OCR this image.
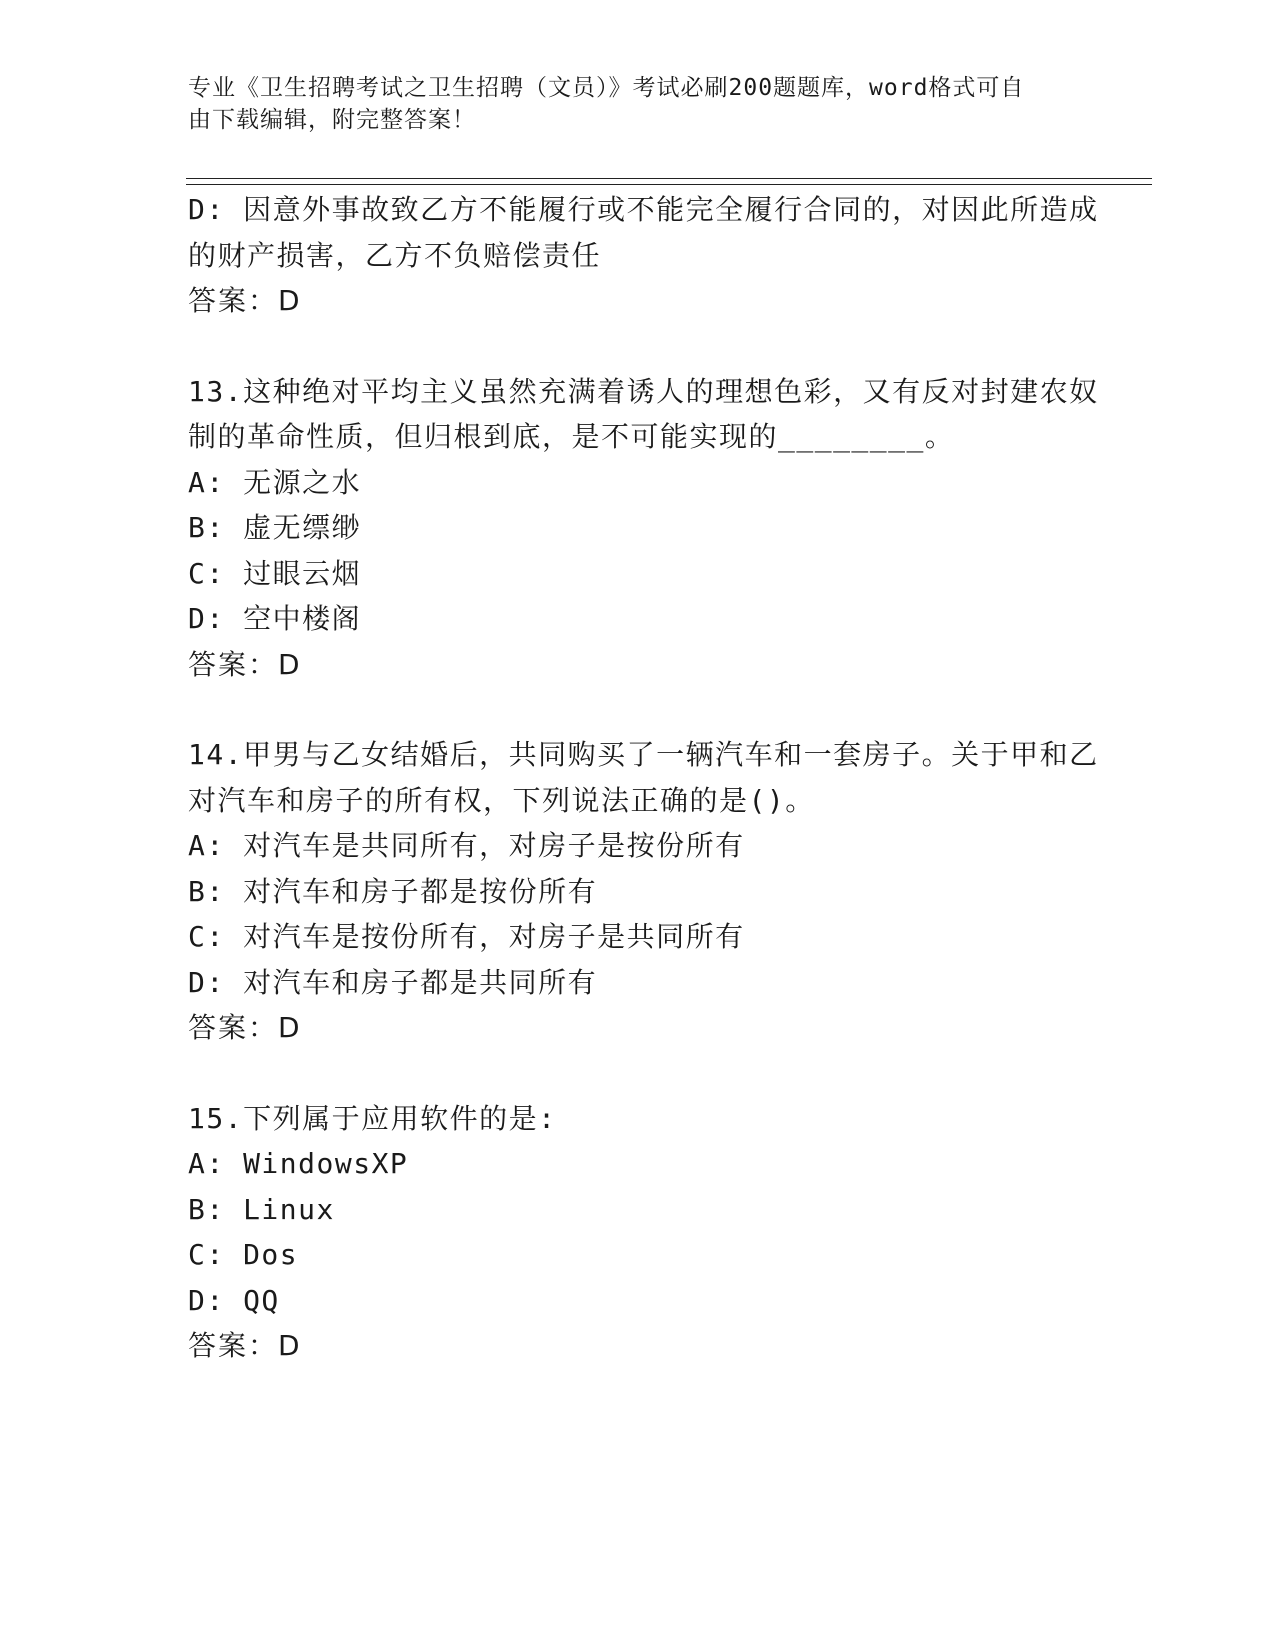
专业《卫生招聘考试之卫生招聘（文员）》考试必刷200题题库，word格式可自
由下载编辑，附完整答案！
D: 因意外事故致乙方不能履行或不能完全履行合同的，对因此所造成
的财产损害，乙方不负赔偿责任
答案：D
13.这种绝对平均主义虽然充满着诱人的理想色彩，又有反对封建农奴
制的革命性质，但归根到底，是不可能实现的________。
A: 无源之水
B: 虚无缥缈
C: 过眼云烟
D: 空中楼阁
答案：D
14.甲男与乙女结婚后，共同购买了一辆汽车和一套房子。关于甲和乙
对汽车和房子的所有权，下列说法正确的是()。
A: 对汽车是共同所有，对房子是按份所有
B: 对汽车和房子都是按份所有
C: 对汽车是按份所有，对房子是共同所有
D: 对汽车和房子都是共同所有
答案：D
15.下列属于应用软件的是:
A: WindowsXP
B: Linux
C: Dos
D: QQ
答案：D
